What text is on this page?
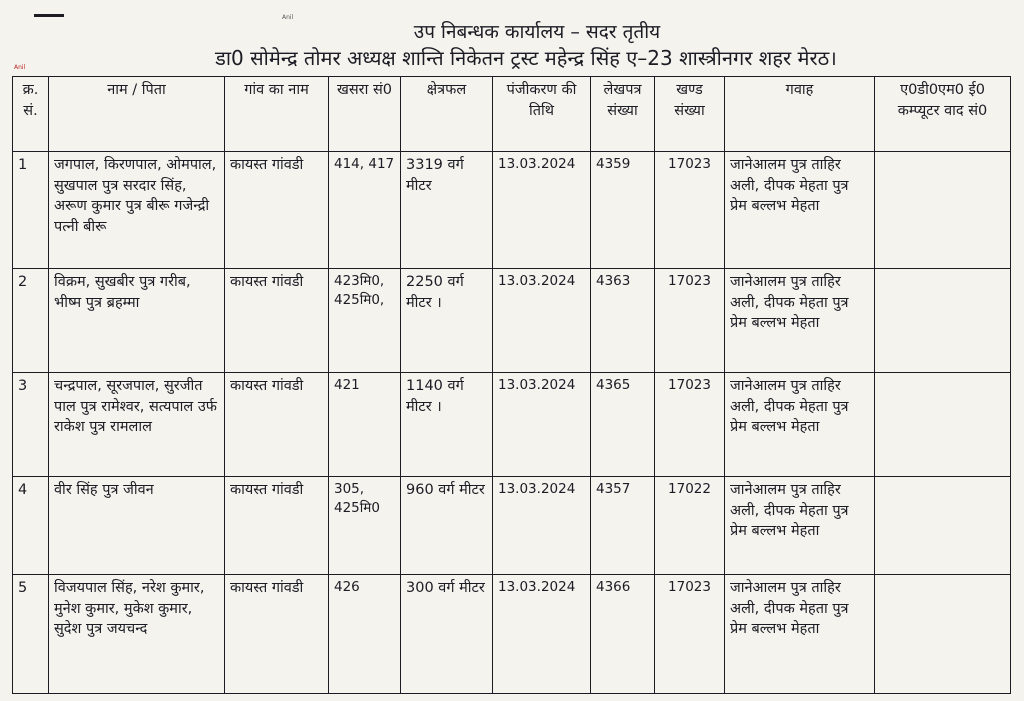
Anil
Anil
उप निबन्धक कार्यालय – सदर तृतीय
डा0 सोमेन्द्र तोमर अध्यक्ष शान्ति निकेतन ट्रस्ट महेन्द्र सिंह ए–23 शास्त्रीनगर शहर मेरठ।
क्र. सं.	नाम / पिता	गांव का नाम	खसरा सं0	क्षेत्रफल	पंजीकरण की तिथि	लेखपत्र संख्या	खण्ड संख्या	गवाह	ए0डी0एम0 ई0 कम्प्यूटर वाद सं0
1	जगपाल, किरणपाल, ओमपाल, सुखपाल पुत्र सरदार सिंह, अरूण कुमार पुत्र बीरू गजेन्द्री पत्नी बीरू	कायस्त गांवडी	414, 417	3319 वर्ग मीटर	13.03.2024	4359	17023	जानेआलम पुत्र ताहिर अली, दीपक मेहता पुत्र प्रेम बल्लभ मेहता	
2	विक्रम, सुखबीर पुत्र गरीब, भीष्म पुत्र ब्रहम्मा	कायस्त गांवडी	423मि0, 425मि0,	2250 वर्ग मीटर ।	13.03.2024	4363	17023	जानेआलम पुत्र ताहिर अली, दीपक मेहता पुत्र प्रेम बल्लभ मेहता	
3	चन्द्रपाल, सूरजपाल, सुरजीत पाल पुत्र रामेश्वर, सत्यपाल उर्फ राकेश पुत्र रामलाल	कायस्त गांवडी	421	1140 वर्ग मीटर ।	13.03.2024	4365	17023	जानेआलम पुत्र ताहिर अली, दीपक मेहता पुत्र प्रेम बल्लभ मेहता	
4	वीर सिंह पुत्र जीवन	कायस्त गांवडी	305, 425मि0	960 वर्ग मीटर	13.03.2024	4357	17022	जानेआलम पुत्र ताहिर अली, दीपक मेहता पुत्र प्रेम बल्लभ मेहता	
5	विजयपाल सिंह, नरेश कुमार, मुनेश कुमार, मुकेश कुमार, सुदेश पुत्र जयचन्द	कायस्त गांवडी	426	300 वर्ग मीटर	13.03.2024	4366	17023	जानेआलम पुत्र ताहिर अली, दीपक मेहता पुत्र प्रेम बल्लभ मेहता	
